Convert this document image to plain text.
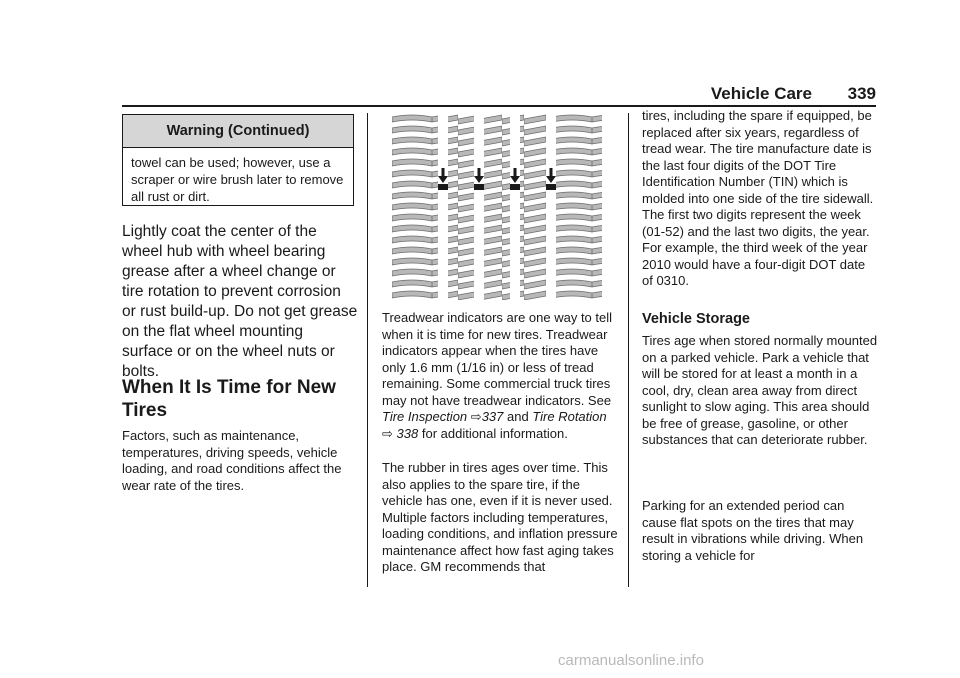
Vehicle Care 339
Warning (Continued)
towel can be used; however, use a scraper or wire brush later to remove all rust or dirt.

Lightly coat the center of the wheel hub with wheel bearing grease after a wheel change or tire rotation to prevent corrosion or rust build-up. Do not get grease on the flat wheel mounting surface or on the wheel nuts or bolts.

When It Is Time for New Tires

Factors, such as maintenance, temperatures, driving speeds, vehicle loading, and road conditions affect the wear rate of the tires.

Treadwear indicators are one way to tell when it is time for new tires. Treadwear indicators appear when the tires have only 1.6 mm (1/16 in) or less of tread remaining. Some commercial truck tires may not have treadwear indicators. See Tire Inspection ⇨337 and Tire Rotation
⇨ 338 for additional information.

The rubber in tires ages over time. This also applies to the spare tire, if the vehicle has one, even if it is never used. Multiple factors including temperatures, loading conditions, and inflation pressure maintenance affect how fast aging takes place. GM recommends that

tires, including the spare if equipped, be replaced after six years, regardless of tread wear. The tire manufacture date is the last four digits of the DOT Tire Identification Number (TIN) which is molded into one side of the tire sidewall. The first two digits represent the week (01-52) and the last two digits, the year. For example, the third week of the year 2010 would have a four-digit DOT date of 0310.

Vehicle Storage

Tires age when stored normally mounted on a parked vehicle. Park a vehicle that will be stored for at least a month in a cool, dry, clean area away from direct sunlight to slow aging. This area should be free of grease, gasoline, or other substances that can deteriorate rubber.

Parking for an extended period can cause flat spots on the tires that may result in vibrations while driving. When storing a vehicle for

carmanualsonline.info
